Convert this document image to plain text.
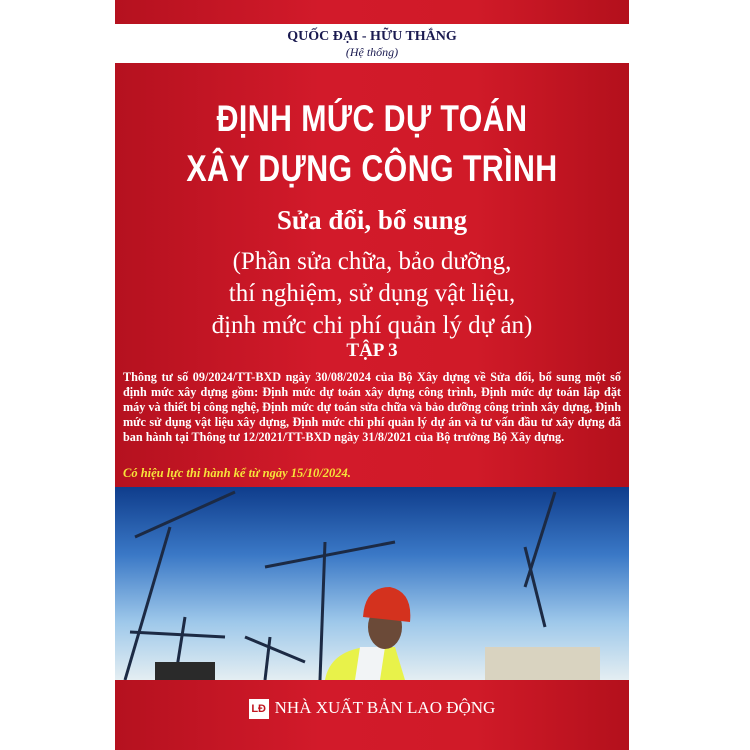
QUỐC ĐẠI - HỮU THẮNG
(Hệ thống)
ĐỊNH MỨC DỰ TOÁN
XÂY DỰNG CÔNG TRÌNH
Sửa đổi, bổ sung
(Phần sửa chữa, bảo dưỡng,
thí nghiệm, sử dụng vật liệu,
định mức chi phí quản lý dự án)
TẬP 3
Thông tư số 09/2024/TT-BXD ngày 30/08/2024 của Bộ Xây dựng về Sửa đổi, bổ sung một số định mức xây dựng gồm: Định mức dự toán xây dựng công trình, Định mức dự toán lắp đặt máy và thiết bị công nghệ, Định mức dự toán sửa chữa và bảo dưỡng công trình xây dựng, Định mức sử dụng vật liệu xây dựng, Định mức chi phí quản lý dự án và tư vấn đầu tư xây dựng đã ban hành tại Thông tư 12/2021/TT-BXD ngày 31/8/2021 của Bộ trưởng Bộ Xây dựng.
Có hiệu lực thi hành kể từ ngày 15/10/2024.
LĐ NHÀ XUẤT BẢN LAO ĐỘNG
